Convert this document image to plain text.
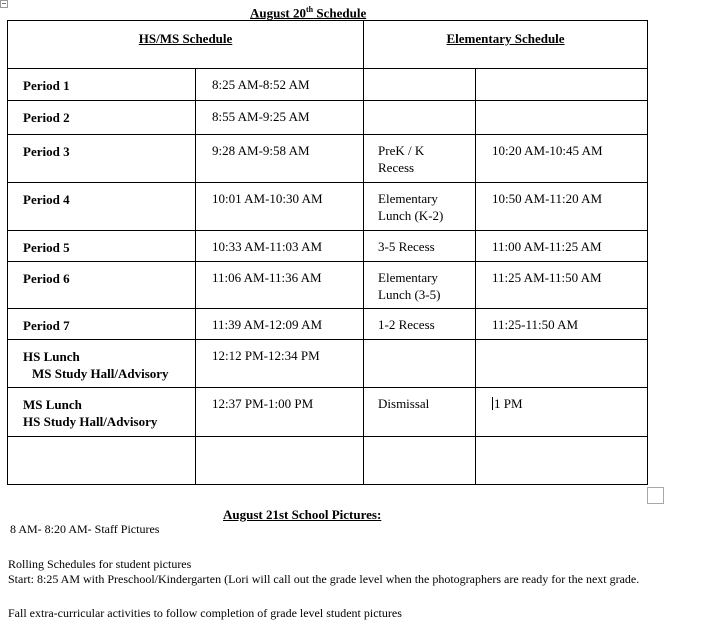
August 20th Schedule
HS/MS Schedule		Elementary Schedule	
Period 1	8:25 AM-8:52 AM		
Period 2	8:55 AM-9:25 AM		
Period 3	9:28 AM-9:58 AM	PreK / K Recess	10:20 AM-10:45 AM
Period 4	10:01 AM-10:30 AM	Elementary Lunch (K-2)	10:50 AM-11:20 AM
Period 5	10:33 AM-11:03 AM	3-5 Recess	11:00 AM-11:25 AM
Period 6	11:06 AM-11:36 AM	Elementary Lunch (3-5)	11:25 AM-11:50 AM
Period 7	11:39 AM-12:09 AM	1-2 Recess	11:25-11:50 AM

HS Lunch
MS Study Hall/Advisory	12:12 PM-12:34 PM		

MS Lunch
HS Study Hall/Advisory	12:37 PM-1:00 PM	Dismissal	1 PM

August 21st School Pictures:
8 AM- 8:20 AM- Staff Pictures
Rolling Schedules for student pictures
Start: 8:25 AM with Preschool/Kindergarten (Lori will call out the grade level when the photographers are ready for the next grade.
Fall extra-curricular activities to follow completion of grade level student pictures
